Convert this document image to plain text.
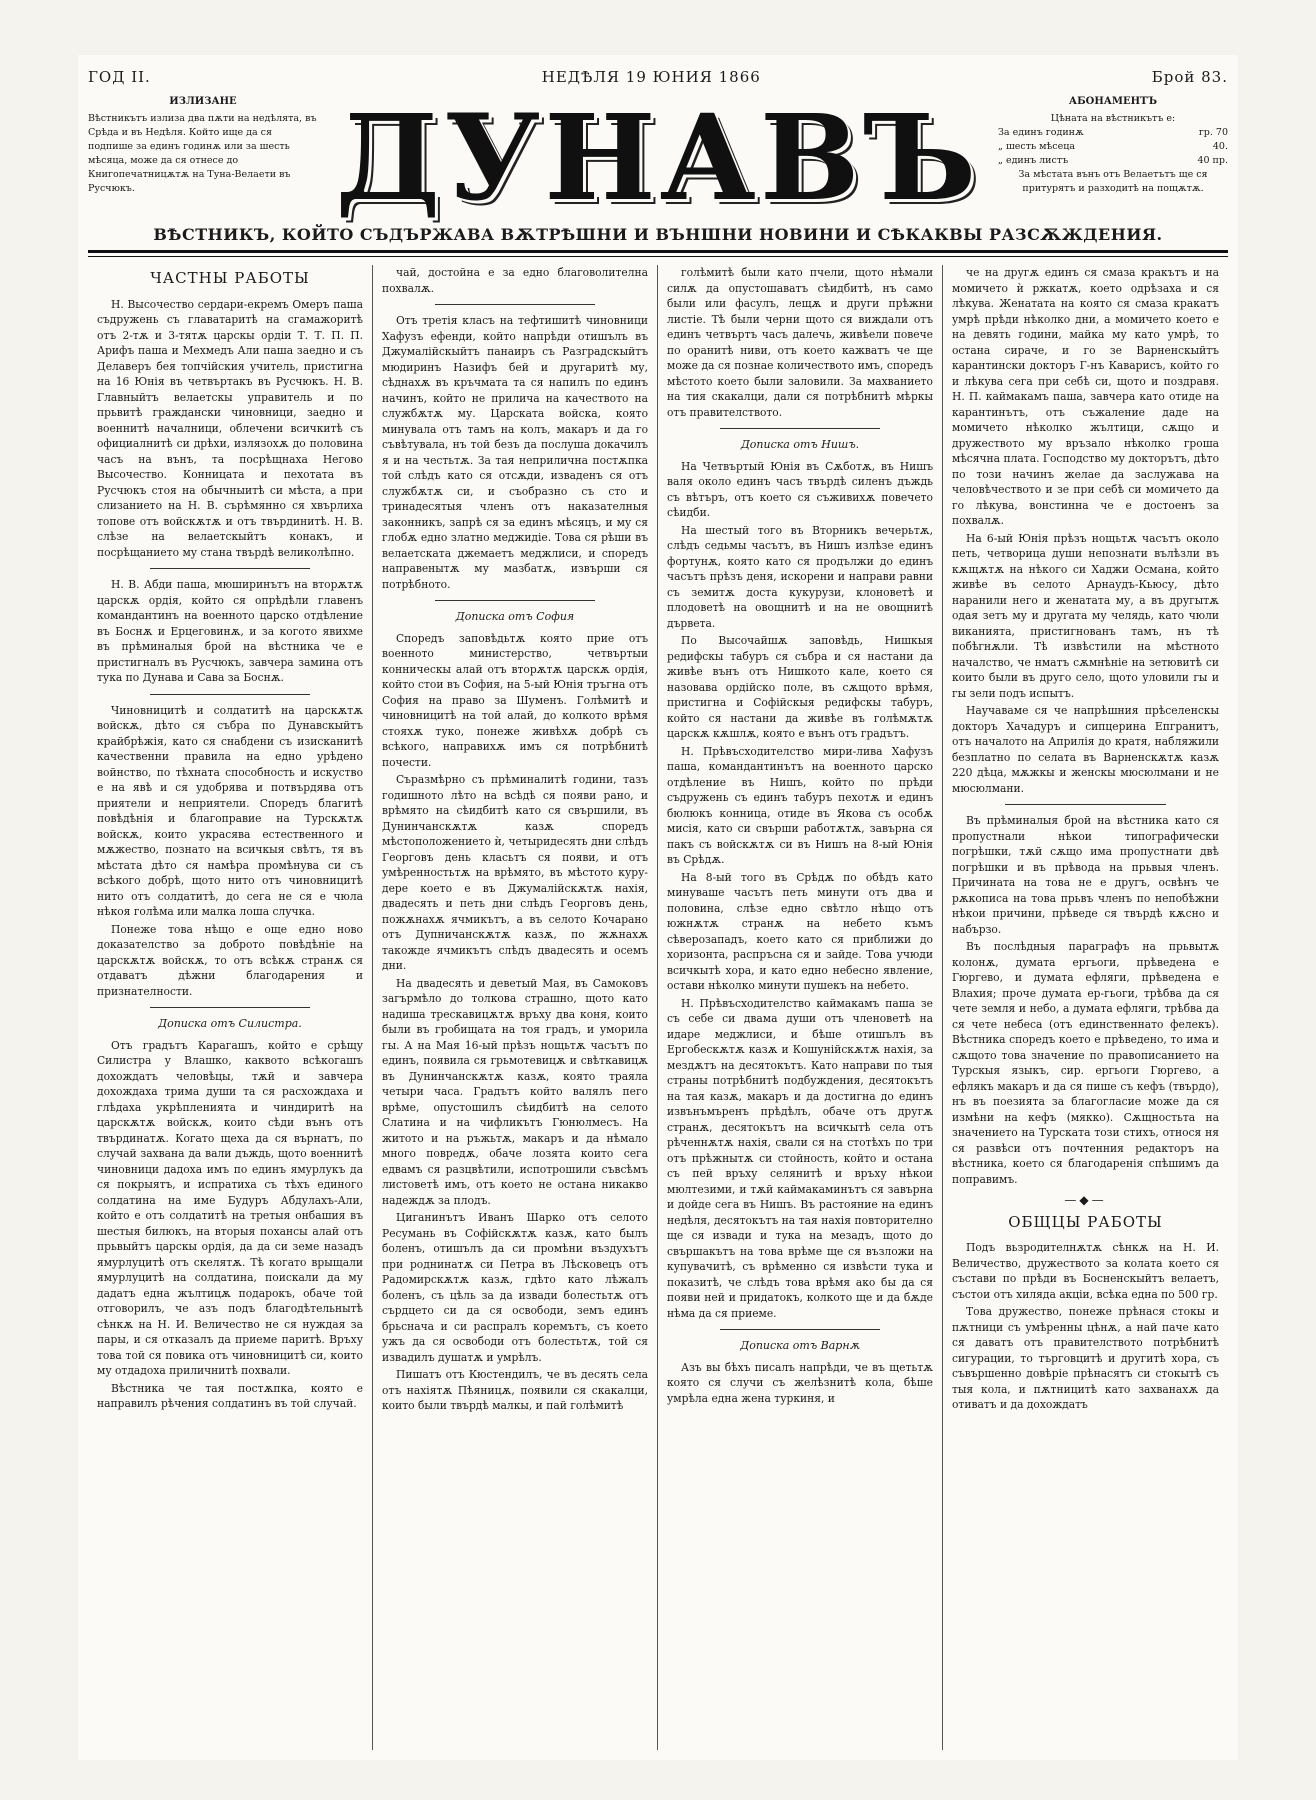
ГОД II.	НЕДѢЛЯ 19 ЮНИЯ 1866	Брой 83.
ИЗЛИЗАНЕ
Вѣстникътъ излиза два пѫти на недѣлята, въ Срѣда и въ Недѣля. Който ище да ся подпише за единъ годинѫ или за шесть мѣсяца, може да ся отнесе до Книгопечатницѫтѫ на Туна-Велаети въ Русчюкъ.	ДУНАВЪ	АБОНАМЕНТЪ
Цѣната на вѣстникътъ е:
За единъ годинѫ	гр. 70
„ шесть мѣсеца	40.
„ единъ листъ	40 пр.
За мѣстата вънъ отъ Велаетътъ ще ся притурятъ и разходитѣ на пощѫтѫ.
ВѢСТНИКЪ, КОЙТО СЪДЪРЖАВА ВѪТРѢШНИ И ВЪНШНИ НОВИНИ И СѢКАКВЫ РАЗСѪЖДЕНИЯ.
ЧАСТНЫ РАБОТЫ

Н. Высочество сердари-екремъ Омеръ паша съдружень съ главатаритѣ на сгамажоритѣ отъ 2-тѫ и 3-тятѫ царскы ордіи Т. Т. П. П. Арифъ паша и Мехмедъ Али паша заедно и съ Делаверъ бея топчійския учитель, пристигна на 16 Юнія въ четвъртакъ въ Русчюкъ. Н. В. Главныйтъ велаетскы управитель и по прьвитѣ граждански чиновници, заедно и военнитѣ началници, облечени всичкитѣ съ официалнитѣ си дрѣхи, излязохѫ до половина часъ на вънъ, та посрѣщнаха Негово Высочество. Конницата и пехотата въ Русчюкъ стоя на обычныитѣ си мѣста, а при слизанието на Н. В. сърѣмянно ся хвърлиха топове отъ войскѫтѫ и отъ твърдинитѣ. Н. В. слѣзе на велаетскыйтъ конакъ, и посрѣщанието му стана твърдѣ великолѣпно.

Н. В. Абди паша, мюширинътъ на вторѫтѫ царскѫ ордія, който ся опрѣдѣли главенъ командантинъ на военното царско отдѣление въ Боснѫ и Ерцеговинѫ, и за когото явихме въ прѣминалыя брой на вѣстника че е пристигналъ въ Русчюкъ, завчера замина отъ тука по Дунава и Сава за Боснѫ.

Чиновницитѣ и солдатитѣ на царскѫтѫ войскѫ, дѣто ся събра по Дунавскыйтъ крайбрѣжія, като ся снабдени съ изисканитѣ качественни правила на едно урѣдено войнство, по тѣхната способность и искуство е на явѣ и ся удобрява и потвърдява отъ приятели и неприятели. Споредъ благитѣ повѣдѣнія и благоправие на Турскѫтѫ войскѫ, които украсява естественного и мѫжество, познато на всичкыя свѣтъ, тя въ мѣстата дѣто ся намѣра промѣнува си съ всѣкого добрѣ, щото нито отъ чиновницитѣ нито отъ солдатитѣ, до сега не ся е чюла нѣкоя голѣма или малка лоша случка.

Понеже това нѣщо е още едно ново доказателство за доброто повѣдѣніе на царскѫтѫ войскѫ, то отъ всѣкѫ странѫ ся отдаватъ дѣжни благодарения и признателности.

Дописка отъ Силистра.

Отъ градътъ Карагашъ, който е срѣщу Силистра у Влашко, каквото всѣкогашъ дохождатъ человѣцы, тѫй и завчера дохождаха трима души та ся расхождаха и глѣдаха укрѣпленията и чиндиритѣ на царскѫтѫ войскѫ, които сѣди вънъ отъ твърдинатѫ. Когато щеха да ся върнатъ, по случай захвана да вали дъждь, щото военнитѣ чиновници дадоха имъ по единъ ямурлукъ да ся покрыятъ, и испратиха съ тѣхъ единого солдатина на име Будуръ Абдулахъ-Али, който е отъ солдатитѣ на третыя онбашия въ шестыя билюкъ, на вторыя похансы алай отъ прьвыйтъ царскы ордія, да да си земе назадъ ямурлуцитѣ отъ скелятѫ. Тѣ когато врыщали ямурлуцитѣ на солдатина, поискали да му дадатъ една жълтицѫ подарокъ, обаче той отговорилъ, че азъ подъ благодѣтельнытѣ сѣнкѫ на Н. И. Величество не ся нуждая за пары, и ся отказалъ да приеме паритѣ. Връху това той ся повика отъ чиновницитѣ си, които му отдадоха приличнитѣ похвали.

Вѣстника че тая постѫпка, която е направилъ рѣчения солдатинъ въ той случай.

чай, достойна е за едно благоволителна похвалѫ.

Отъ третія класъ на тефтишитѣ чиновници Хафузъ ефенди, който напрѣди отишълъ въ Джумалійскыйтъ панаиръ съ Разградскыйтъ мюдиринъ Назифъ бей и другаритѣ му, сѣднахѫ въ кръчмата та ся напилъ по единъ начинъ, който не прилича на качеството на службѫтѫ му. Царската войска, която минувала отъ тамъ на колъ, макаръ и да го съвѣтувала, нъ той безъ да послуша докачилъ я и на честьтѫ. За тая неприлична постѫпка той слѣдъ като ся отсѫди, изваденъ ся отъ службѫтѫ си, и съобразно съ сто и тринадесятыя членъ отъ наказателныя законникъ, запрѣ ся за единъ мѣсяцъ, и му ся глобѫ едно златно меджидіе. Това ся рѣши въ велаетската джемаетъ меджлиси, и споредъ направенытѫ му мазбатѫ, извърши ся потрѣбното.

Дописка отъ София

Споредъ заповѣдьтѫ която прие отъ военното министерство, четвъртыи конническы алай отъ вторѫтѫ царскѫ ордія, който стои въ София, на 5-ый Юнія тръгна отъ София на право за Шуменъ. Голѣмитѣ и чиновницитѣ на той алай, до колкото врѣмя стояхѫ туко, понеже живѣхѫ добрѣ съ всѣкого, направихѫ имъ ся потрѣбнитѣ почести.

Съразмѣрно съ прѣминалитѣ години, тазъ годишното лѣто на всѣдѣ ся появи рано, и врѣмято на сѣидбитѣ като ся свършили, въ Дунинчанскѫтѫ казѫ споредъ мѣстоположението ѝ, четыридесять дни слѣдъ Георговъ день класьтъ ся появи, и отъ умѣренностьтѫ на врѣмято, въ мѣстото куру-дере което е въ Джумалійскѫтѫ нахія, двадесять и петь дни слѣдъ Георговъ день, пожѫнахѫ ячмикътъ, а въ селото Кочарано отъ Дупничанскѫтѫ казѫ, по жѫнахѫ такожде ячмикътъ слѣдъ двадесять и осемъ дни.

На двадесять и деветый Мая, въ Самоковъ загърмѣло до толкова страшно, щото като надиша трескавицѫтѫ връху два коня, които были въ гробищата на тоя градъ, и уморила гы. А на Мая 16-ый прѣзъ нощьтѫ часътъ по единъ, появила ся грьмотевицѫ и свѣткавицѫ въ Дунинчанскѫтѫ казѫ, която траяла четыри часа. Градътъ който валялъ пего врѣме, опустошилъ сѣидбитѣ на селото Слатина и на чифликътъ Гюнюлмесъ. На житото и на ръжьтѫ, макаръ и да нѣмало много повредѫ, обаче лозята които сега едвамъ ся разцвѣтили, испотрошили съвсѣмъ листоветѣ имъ, отъ което не остана никакво надеждѫ за плодъ.

Циганинътъ Иванъ Шарко отъ селото Ресумань въ Софійскѫтѫ казѫ, като былъ боленъ, отишълъ да си промѣни въздухътъ при роднинатѫ си Петра въ Лѣсковецъ отъ Радомирскѫтѫ казѫ, гдѣто като лѣжалъ боленъ, съ цѣль за да извади болестьтѫ отъ сърдцето си да ся освободи, земъ единъ брьснача и си распралъ коремътъ, съ което ужъ да ся освободи отъ болестьтѫ, той ся извадилъ душатѫ и умрѣлъ.

Пишатъ отъ Кюстендилъ, че въ десять села отъ нахіятѫ Пѣяницѫ, появили ся скакалци, които были твърдѣ малкы, и пай голѣмитѣ

голѣмитѣ были като пчели, щото нѣмали силѫ да опустошаватъ сѣидбитѣ, нъ само были или фасулъ, лещѫ и други прѣжни листіе. Тѣ были черни щото ся виждали отъ единъ четвъртъ часъ далечь, живѣели повече по оранитѣ ниви, отъ което кажватъ че ще може да ся познае количеството имъ, споредъ мѣстото което были заловили. За махванието на тия скакалци, дали ся потрѣбнитѣ мѣркы отъ правителството.

Дописка отъ Нишъ.

На Четвъртый Юнія въ Сѫботѫ, въ Нишъ валя около единъ часъ твърдѣ силенъ дъждь съ вѣтъръ, отъ което ся съживихѫ повечето сѣидби.

На шестый того въ Вторникъ вечерьтѫ, слѣдъ седьмы часътъ, въ Нишъ излѣзе единъ фортунѫ, която като ся продължи до единъ часътъ прѣзъ деня, искорени и направи равни съ земитѫ доста кукурузи, клоноветѣ и плодоветѣ на овощнитѣ и на не овощнитѣ дървета.

По Высочайшѫ заповѣдь, Нишкыя редифскы табуръ ся събра и ся настани да живѣе вънъ отъ Нишкото кале, което ся назовава ордійско поле, въ сѫщото врѣмя, пристигна и Софійскыя редифскы табуръ, който ся настани да живѣе въ голѣмѫтѫ царскѫ кѫшлѫ, която е вънъ отъ градътъ.

Н. Прѣвъсходителство мири-лива Хафузъ паша, командантинътъ на военното царско отдѣление въ Нишъ, който по прѣди съдружень съ единъ табуръ пехотѫ и единъ бюлюкъ конница, отиде въ Якова съ особѫ мисія, като си свърши работѫтѫ, завърна ся пакъ съ войскѫтѫ си въ Нишъ на 8-ый Юнія въ Срѣдѫ.

На 8-ый того въ Срѣдѫ по обѣдъ като минуваше часътъ петь минути отъ два и половина, слѣзе едно свѣтло нѣщо отъ южнѫтѫ странѫ на небето къмъ сѣверозападъ, което като ся приближи до хоризонта, распръсна ся и зайде. Това учюди всичкытѣ хора, и като едно небесно явление, остави нѣколко минути пушекъ на небето.

Н. Прѣвъсходителство каймакамъ паша зе съ себе си двама души отъ членоветѣ на идаре меджлиси, и бѣше отишълъ въ Ергобескѫтѫ казѫ и Кошунійскѫтѫ нахія, за мездѫтъ на десятокътъ. Като направи по тыя страны потрѣбнитѣ подбуждения, десятокътъ на тая казѫ, макаръ и да достигна до единъ извънъмъренъ прѣдѣлъ, обаче отъ другѫ странѫ, десятокътъ на всичкытѣ села отъ рѣченнѫтѫ нахія, свали ся на стотѣхъ по три отъ прѣжнытѫ си стойность, който и остана съ пей връху селянитѣ и връху нѣкои мюлтезими, и тѫй каймакаминътъ ся завърна и дойде сега въ Нишъ. Въ растояние на единъ недѣля, десятокътъ на тая нахія повторително ще ся извади и тука на мезадъ, щото до свършакътъ на това врѣме ще ся възложи на купувачитѣ, съ врѣменно ся извѣсти тука и показитѣ, че слѣдъ това врѣмя ако бы да ся появи ней и придатокъ, колкото ще и да бѫде нѣма да ся приеме.

Дописка отъ Варнѫ

Азъ вы бѣхъ писалъ напрѣди, че въ щетьтѫ която ся случи съ желѣзнитѣ кола, бѣше умрѣла една жена туркиня, и

че на другѫ единъ ся смаза кракътъ и на момичето ѝ ржкатѫ, което одрѣзаха и ся лѣкува. Женатата на която ся смаза кракатъ умрѣ прѣди нѣколко дни, а момичето което е на девять години, майка му като умрѣ, то остана сираче, и го зе Варненскыйтъ карантински докторъ Г-нъ Каварисъ, който го и лѣкува сега при себѣ си, щото и поздравя. Н. П. каймакамъ паша, завчера като отиде на карантинътъ, отъ съжаление даде на момичето нѣколко жълтици, сѫщо и дружеството му връзало нѣколко гроша мѣсячна плата. Господство му докторътъ, дѣто по този начинъ желае да заслужава на человѣчеството и зе при себѣ си момичето да го лѣкува, вонстинна че е достоенъ за похвалѫ.

На 6-ый Юнія прѣзъ нощьтѫ часътъ около петь, четворица души непознати вълѣзли въ кѫщѫтѫ на нѣкого си Хаджи Османа, който живѣе въ селото Арнаудъ-Кьюсу, дѣто наранили него и женатата му, а въ другытѫ одая зетъ му и другата му челядь, като чюли виканията, пристигнованъ тамъ, нъ тѣ побѣгнѫли. Тѣ извѣстили на мѣстното началство, че нматъ сѫмнѣніе на зетювитѣ си които были въ друго село, щото уловили гы и гы зели подъ испытъ.

Научаваме ся че напрѣшния прѣселенскы докторъ Хачадуръ и сипцерина Епгранитъ, отъ началото на Априлія до кратя, набляжили безплатно по селата въ Варненскѫтѫ казѫ 220 дѣца, мѫжкы и женскы мюсюлмани и не мюсюлмани.

Въ прѣминалыя брой на вѣстника като ся пропустнали нѣкои типографически погрѣшки, тѫй сѫщо има пропустнати двѣ погрѣшки и въ прѣвода на прьвыя членъ. Причината на това не е другъ, освѣнъ че рѫкописа на това прьвъ членъ по непобѣжни нѣкои причини, прѣведе ся твърдѣ кѫсно и набързо.

Въ послѣдныя параграфъ на прьвытѫ колонѫ, думата ергьоги, прѣведена е Гюргево, и думата ефляги, прѣведена е Влахия; проче думата ер-гьоги, трѣбва да ся чете земля и небо, а думата ефляги, трѣбва да ся чете небеса (отъ единственнато фелекъ). Вѣстника споредъ което е прѣведено, то има и сѫщото това значение по правописанието на Турскыя языкъ, сир. ергьоги Гюргево, а ефлякъ макаръ и да ся пише съ кефъ (твърдо), нъ въ поезията за благогласие може да ся измѣни на кефъ (мякко). Сѫщностьта на значението на Турската този стихъ, относя ня ся развѣси отъ почтенния редакторъ на вѣстника, което ся благодаренія спѣшимъ да поправимъ.

—◆—
ОБЩЦЫ РАБОТЫ

Подъ вьзродителнѫтѫ сѣнкѫ на Н. И. Величество, дружеството за колата което ся състави по прѣди въ Босненскыйтъ велаетъ, състои отъ хиляда акціи, всѣка една по 500 гр.

Това дружество, понеже прѣнася стокы и пѫтници съ умѣренны цѣнѫ, а най паче като ся даватъ отъ правителството потрѣбнитѣ сигурации, то търговцитѣ и другитѣ хора, съ съвършенно довѣріе прѣнасятъ си стокытѣ съ тыя кола, и пѫтницитѣ като захванахѫ да отиватъ и да дохождатъ
